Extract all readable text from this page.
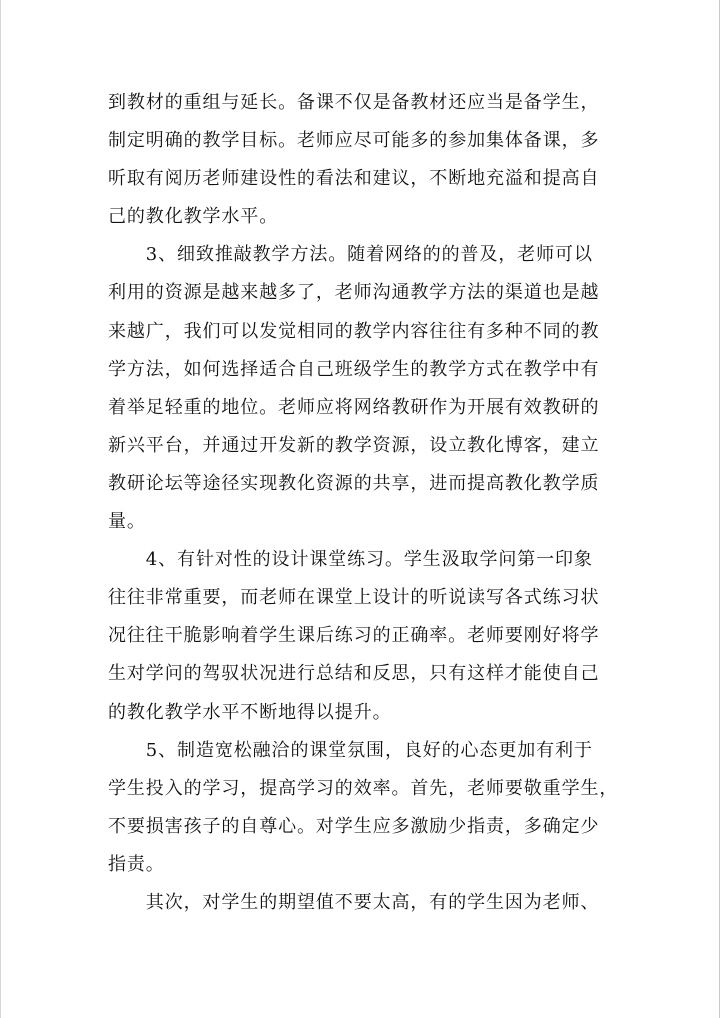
到教材的重组与延长。备课不仅是备教材还应当是备学生，
制定明确的教学目标。老师应尽可能多的参加集体备课，多
听取有阅历老师建设性的看法和建议，不断地充溢和提高自
己的教化教学水平。

　　3、细致推敲教学方法。随着网络的的普及，老师可以
利用的资源是越来越多了，老师沟通教学方法的渠道也是越
来越广，我们可以发觉相同的教学内容往往有多种不同的教
学方法，如何选择适合自己班级学生的教学方式在教学中有
着举足轻重的地位。老师应将网络教研作为开展有效教研的
新兴平台，并通过开发新的教学资源，设立教化博客，建立
教研论坛等途径实现教化资源的共享，进而提高教化教学质
量。

　　4、有针对性的设计课堂练习。学生汲取学问第一印象
往往非常重要，而老师在课堂上设计的听说读写各式练习状
况往往干脆影响着学生课后练习的正确率。老师要刚好将学
生对学问的驾驭状况进行总结和反思，只有这样才能使自己
的教化教学水平不断地得以提升。

　　5、制造宽松融洽的课堂氛围，良好的心态更加有利于
学生投入的学习，提高学习的效率。首先，老师要敬重学生，
不要损害孩子的自尊心。对学生应多激励少指责，多确定少
指责。

　　其次，对学生的期望值不要太高，有的学生因为老师、
